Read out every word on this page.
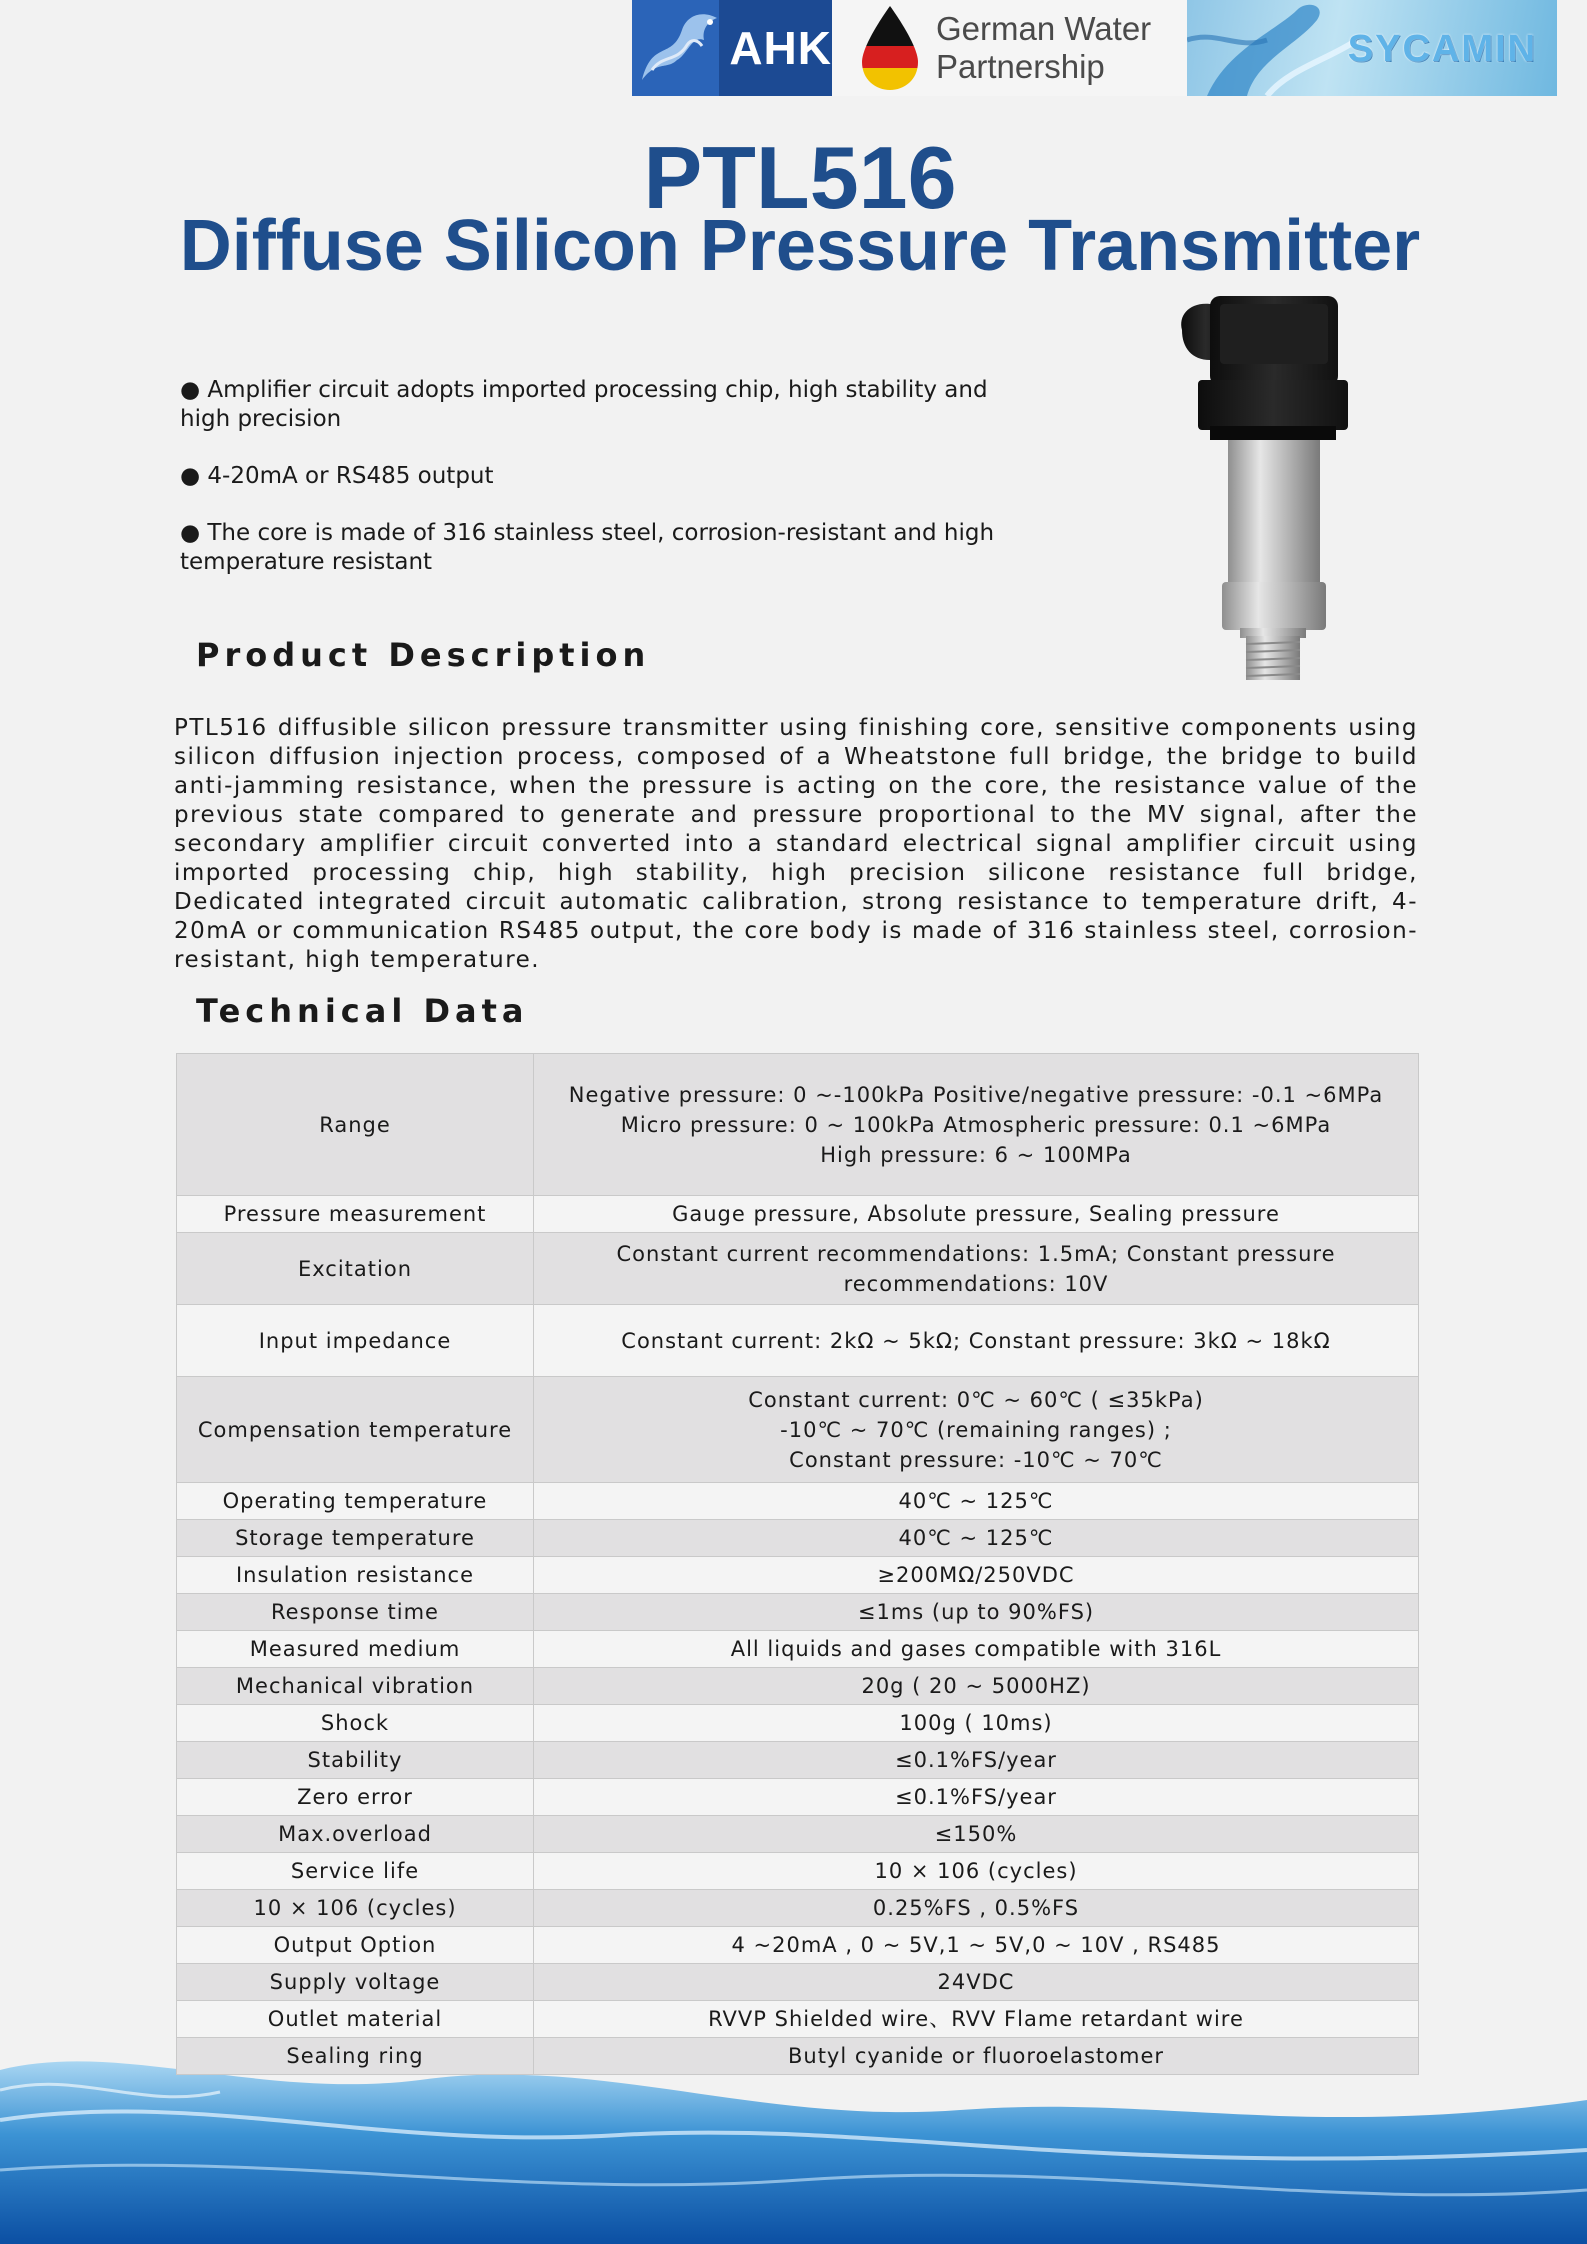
AHK	German Water
Partnership	SYCAMIN
PTL516
Diffuse Silicon Pressure Transmitter
● Amplifier circuit adopts imported processing chip, high stability and high precision
● 4-20mA or RS485 output
● The core is made of 316 stainless steel, corrosion-resistant and high temperature resistant
Product Description
PTL516 diffusible silicon pressure transmitter using finishing core, sensitive components using silicon diffusion injection process, composed of a Wheatstone full bridge, the bridge to build anti-jamming resistance, when the pressure is acting on the core, the resistance value of the previous state compared to generate and pressure proportional to the MV signal, after the secondary amplifier circuit converted into a standard electrical signal amplifier circuit using imported processing chip, high stability, high precision silicone resistance full bridge, Dedicated integrated circuit automatic calibration, strong resistance to temperature drift, 4-20mA or communication RS485 output, the core body is made of 316 stainless steel, corrosion-resistant, high temperature.
Technical Data
Range	Negative pressure: 0 ~-100kPa Positive/negative pressure: -0.1 ~6MPa
Micro pressure: 0 ~ 100kPa Atmospheric pressure: 0.1 ~6MPa
High pressure: 6 ~ 100MPa

Pressure measurement	Gauge pressure, Absolute pressure, Sealing pressure

Excitation	Constant current recommendations: 1.5mA; Constant pressure
recommendations: 10V

Input impedance	Constant current: 2kΩ ~ 5kΩ; Constant pressure: 3kΩ ~ 18kΩ

Compensation temperature	Constant current: 0℃ ~ 60℃ ( ≤35kPa)
-10℃ ~ 70℃ (remaining ranges) ;
Constant pressure: -10℃ ~ 70℃

Operating temperature	40℃ ~ 125℃

Storage temperature	40℃ ~ 125℃

Insulation resistance	≥200MΩ/250VDC

Response time	≤1ms (up to 90%FS)

Measured medium	All liquids and gases compatible with 316L

Mechanical vibration	20g ( 20 ~ 5000HZ)

Shock	100g ( 10ms)

Stability	≤0.1%FS/year

Zero error	≤0.1%FS/year

Max.overload	≤150%

Service life	10 × 106 (cycles)

10 × 106 (cycles)	0.25%FS , 0.5%FS

Output Option	4 ~20mA , 0 ~ 5V,1 ~ 5V,0 ~ 10V , RS485

Supply voltage	24VDC

Outlet material	RVVP Shielded wire、RVV Flame retardant wire

Sealing ring	Butyl cyanide or fluoroelastomer
